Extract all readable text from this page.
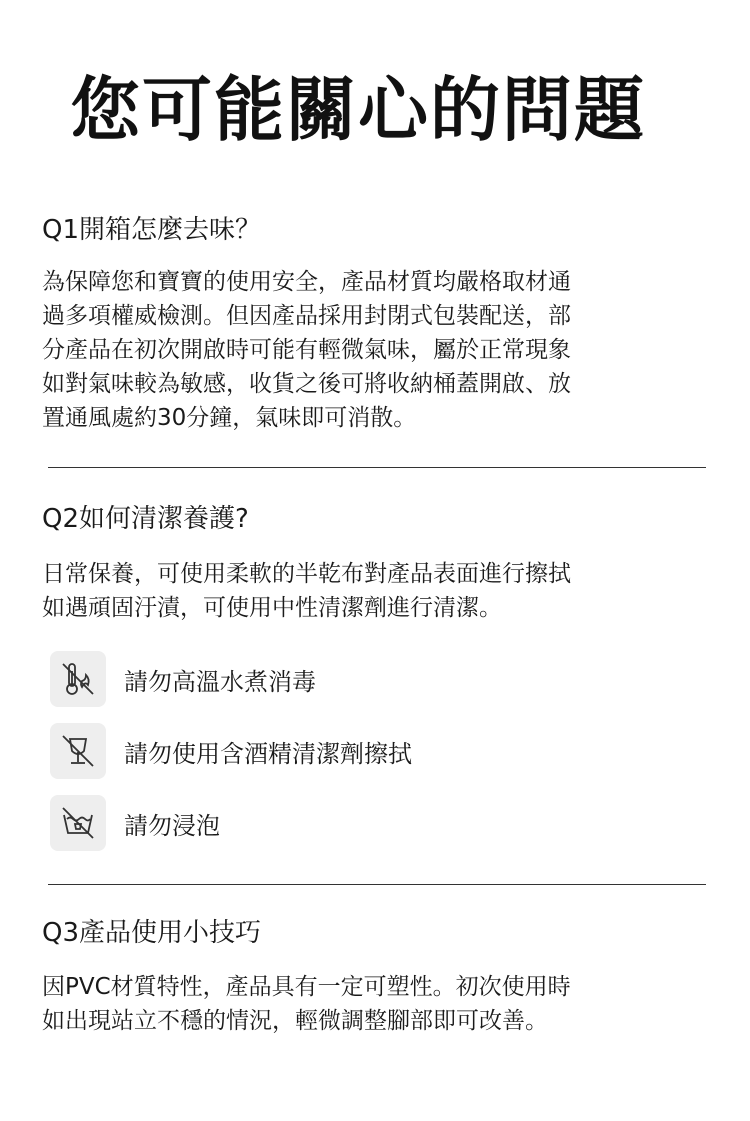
您可能關心的問題
Q1開箱怎麼去味？
為保障您和寶寶的使用安全，產品材質均嚴格取材通
過多項權威檢測。但因產品採用封閉式包裝配送，部
分產品在初次開啟時可能有輕微氣味，屬於正常現象
如對氣味較為敏感，收貨之後可將收納桶蓋開啟、放
置通風處約30分鐘，氣味即可消散。
Q2如何清潔養護?
日常保養，可使用柔軟的半乾布對產品表面進行擦拭
如遇頑固汙漬，可使用中性清潔劑進行清潔。
請勿高溫水煮消毒
請勿使用含酒精清潔劑擦拭
請勿浸泡
Q3產品使用小技巧
因PVC材質特性，產品具有一定可塑性。初次使用時
如出現站立不穩的情況，輕微調整腳部即可改善。
